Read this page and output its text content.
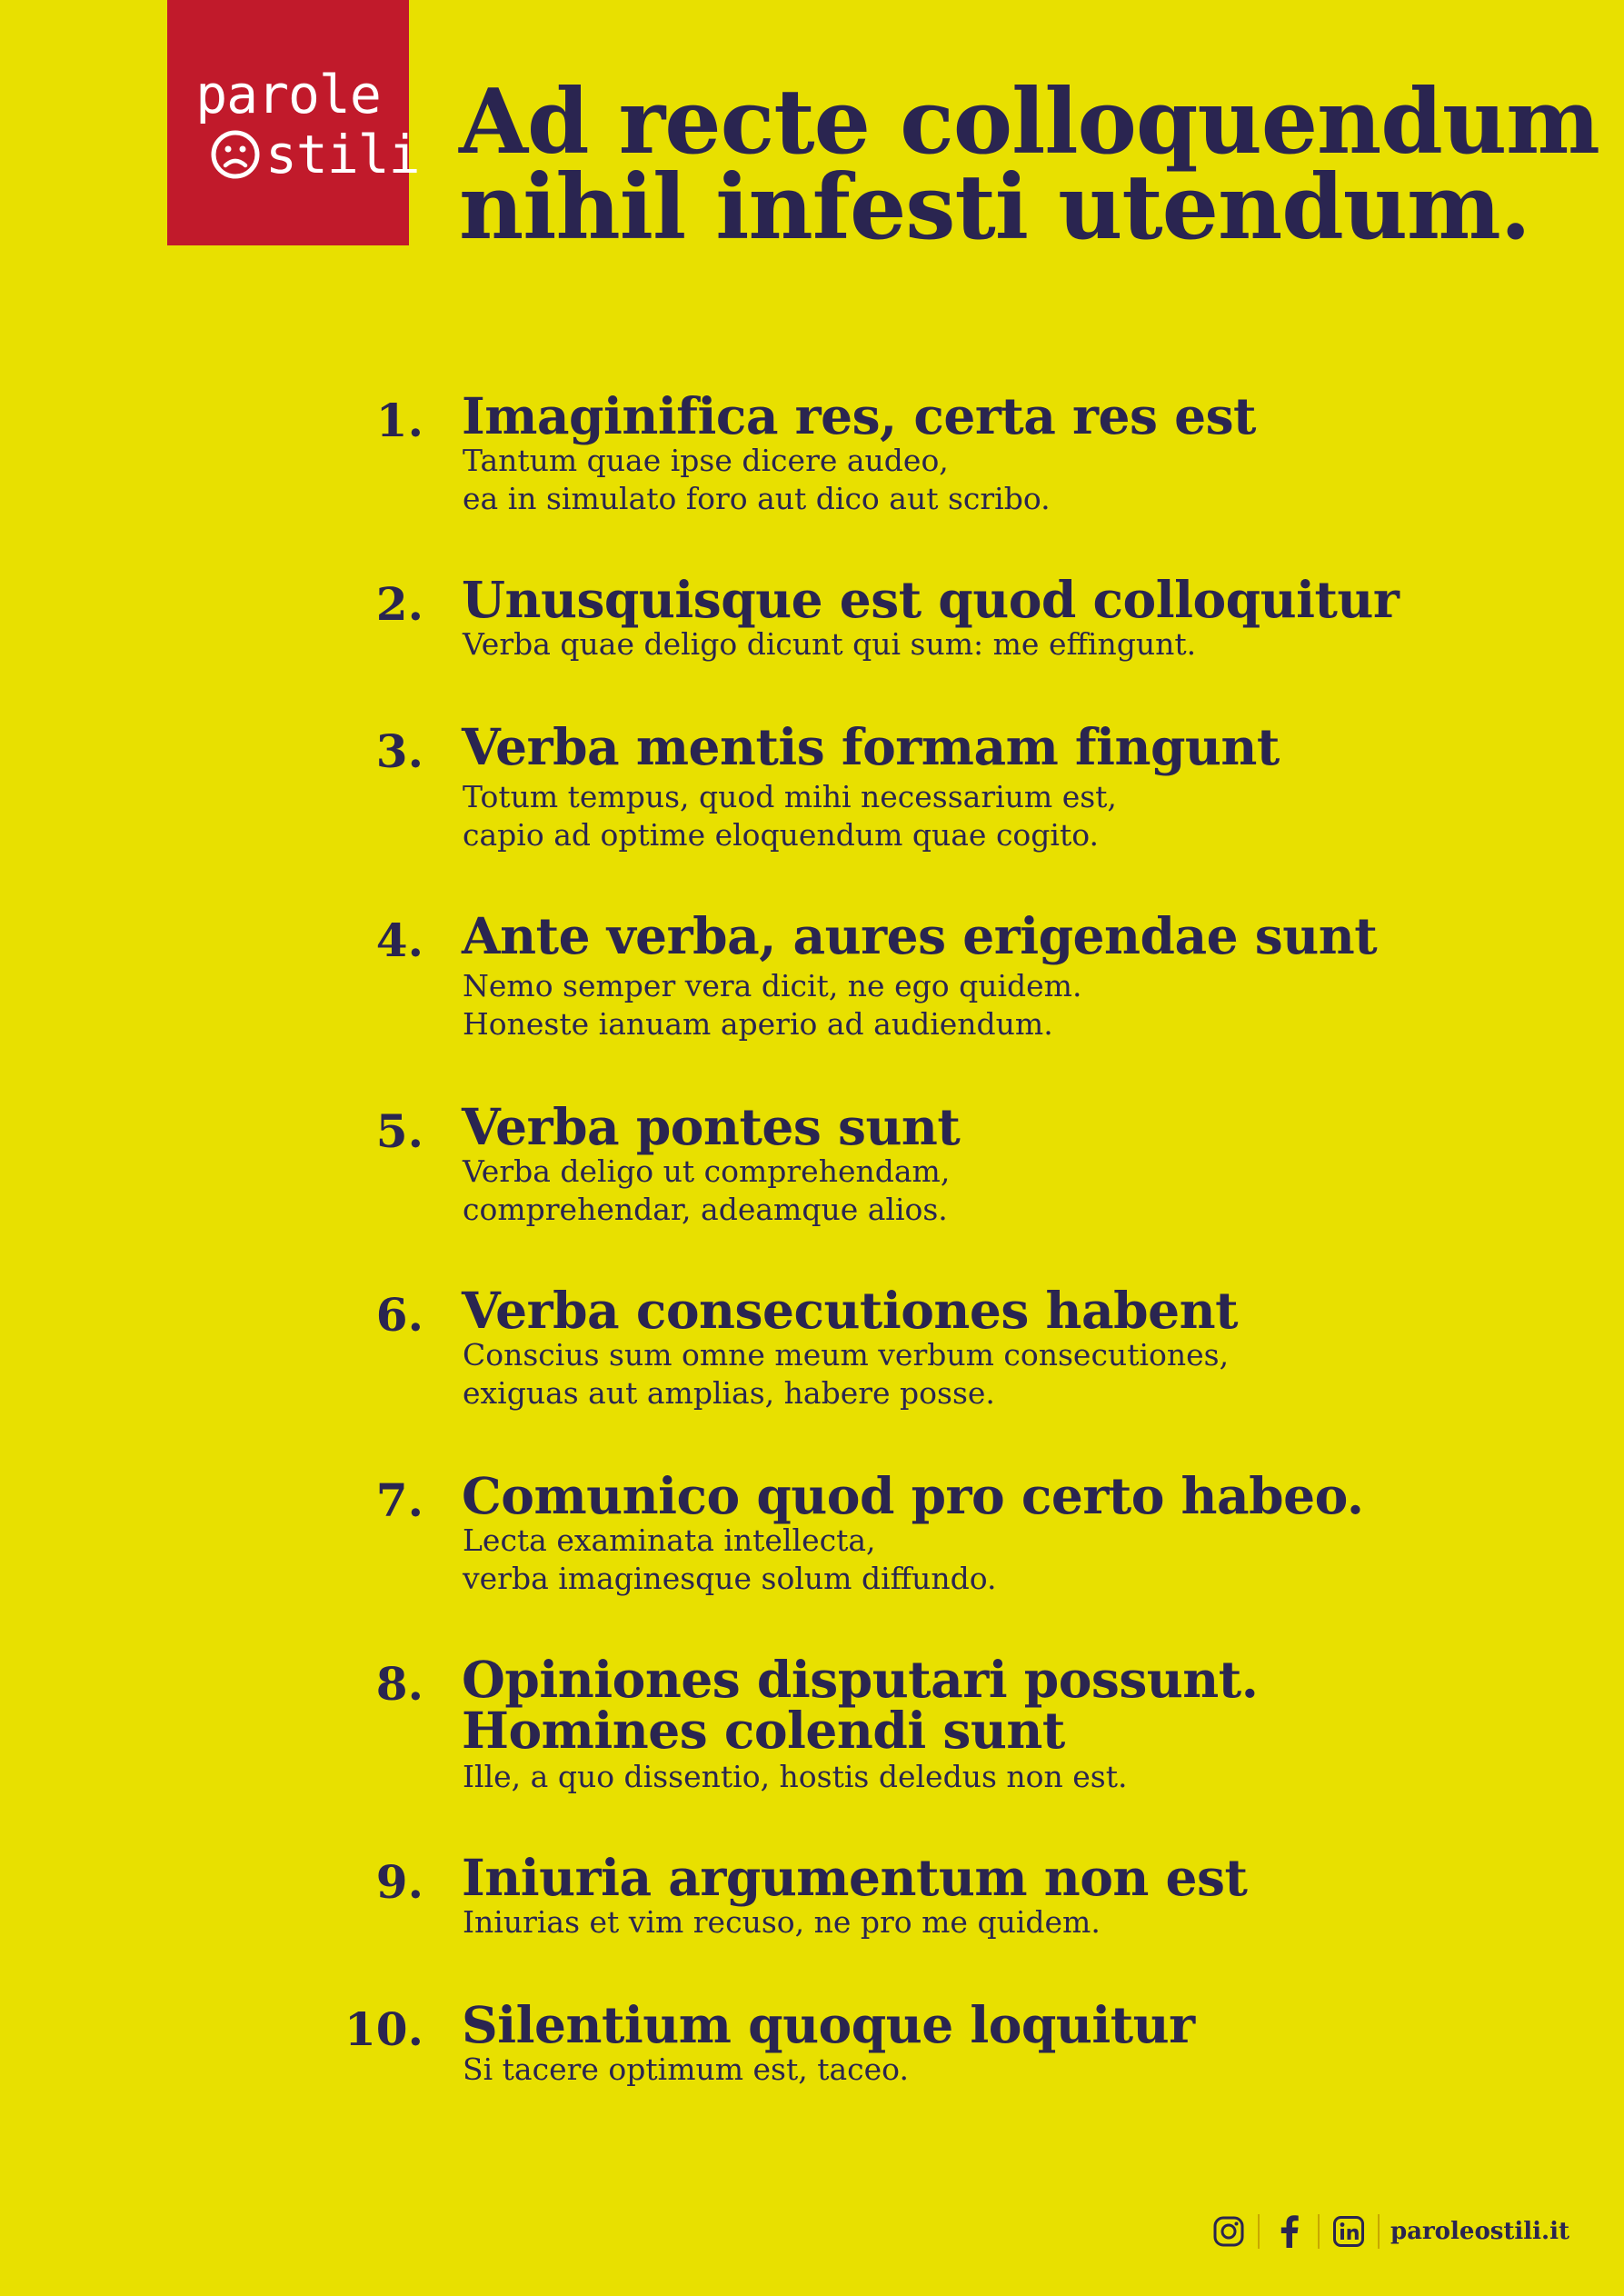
parole
stili Ad recte colloquendum
nihil infesti utendum.
1. Imaginifica res, certa res est

Tantum quae ipse dicere audeo,
ea in simulato foro aut dico aut scribo.

2. Unusquisque est quod colloquitur

Verba quae deligo dicunt qui sum: me effingunt.

3. Verba mentis formam fingunt

Totum tempus, quod mihi necessarium est,
capio ad optime eloquendum quae cogito.

4. Ante verba, aures erigendae sunt

Nemo semper vera dicit, ne ego quidem.
Honeste ianuam aperio ad audiendum.

5. Verba pontes sunt

Verba deligo ut comprehendam,
comprehendar, adeamque alios.

6. Verba consecutiones habent

Conscius sum omne meum verbum consecutiones,
exiguas aut amplias, habere posse.

7. Comunico quod pro certo habeo.

Lecta examinata intellecta,
verba imaginesque solum diffundo.

8. Opiniones disputari possunt.
Homines colendi sunt

Ille, a quo dissentio, hostis deledus non est.

9. Iniuria argumentum non est

Iniurias et vim recuso, ne pro me quidem.

10. Silentium quoque loquitur

Si tacere optimum est, taceo.

paroleostili.it
